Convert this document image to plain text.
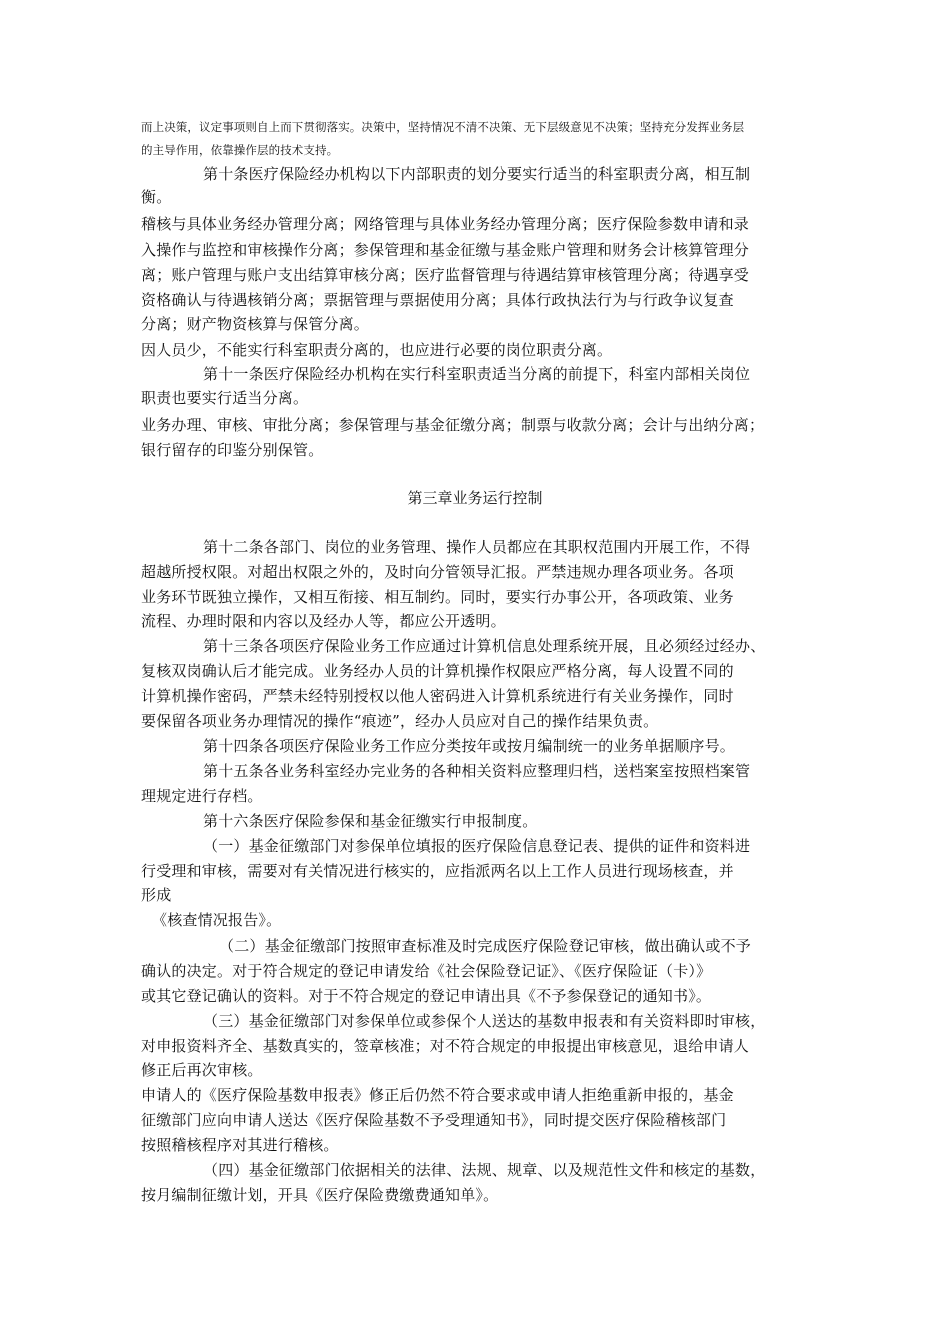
而上决策，议定事项则自上而下贯彻落实。决策中，坚持情况不清不决策、无下层级意见不决策；坚持充分发挥业务层
的主导作用，依靠操作层的技术支持。
第十条医疗保险经办机构以下内部职责的划分要实行适当的科室职责分离，相互制
衡。
稽核与具体业务经办管理分离；网络管理与具体业务经办管理分离；医疗保险参数申请和录
入操作与监控和审核操作分离；参保管理和基金征缴与基金账户管理和财务会计核算管理分
离；账户管理与账户支出结算审核分离；医疗监督管理与待遇结算审核管理分离；待遇享受
资格确认与待遇核销分离；票据管理与票据使用分离；具体行政执法行为与行政争议复查
分离；财产物资核算与保管分离。
因人员少，不能实行科室职责分离的，也应进行必要的岗位职责分离。
第十一条医疗保险经办机构在实行科室职责适当分离的前提下，科室内部相关岗位
职责也要实行适当分离。
业务办理、审核、审批分离；参保管理与基金征缴分离；制票与收款分离；会计与出纳分离；
银行留存的印鉴分别保管。
第三章业务运行控制
第十二条各部门、岗位的业务管理、操作人员都应在其职权范围内开展工作，不得
超越所授权限。对超出权限之外的，及时向分管领导汇报。严禁违规办理各项业务。各项
业务环节既独立操作，又相互衔接、相互制约。同时，要实行办事公开，各项政策、业务
流程、办理时限和内容以及经办人等，都应公开透明。
第十三条各项医疗保险业务工作应通过计算机信息处理系统开展，且必须经过经办、
复核双岗确认后才能完成。业务经办人员的计算机操作权限应严格分离，每人设置不同的
计算机操作密码，严禁未经特别授权以他人密码进入计算机系统进行有关业务操作，同时
要保留各项业务办理情况的操作“痕迹”，经办人员应对自己的操作结果负责。
第十四条各项医疗保险业务工作应分类按年或按月编制统一的业务单据顺序号。
第十五条各业务科室经办完业务的各种相关资料应整理归档，送档案室按照档案管
理规定进行存档。
第十六条医疗保险参保和基金征缴实行申报制度。
（一）基金征缴部门对参保单位填报的医疗保险信息登记表、提供的证件和资料进
行受理和审核，需要对有关情况进行核实的，应指派两名以上工作人员进行现场核查，并
形成
《核查情况报告》。
（二）基金征缴部门按照审查标准及时完成医疗保险登记审核，做出确认或不予
确认的决定。对于符合规定的登记申请发给《社会保险登记证》、《医疗保险证（卡）》
或其它登记确认的资料。对于不符合规定的登记申请出具《不予参保登记的通知书》。
（三）基金征缴部门对参保单位或参保个人送达的基数申报表和有关资料即时审核，
对申报资料齐全、基数真实的，签章核准；对不符合规定的申报提出审核意见，退给申请人
修正后再次审核。
申请人的《医疗保险基数申报表》修正后仍然不符合要求或申请人拒绝重新申报的，基金
征缴部门应向申请人送达《医疗保险基数不予受理通知书》，同时提交医疗保险稽核部门
按照稽核程序对其进行稽核。
（四）基金征缴部门依据相关的法律、法规、规章、以及规范性文件和核定的基数，
按月编制征缴计划，开具《医疗保险费缴费通知单》。
